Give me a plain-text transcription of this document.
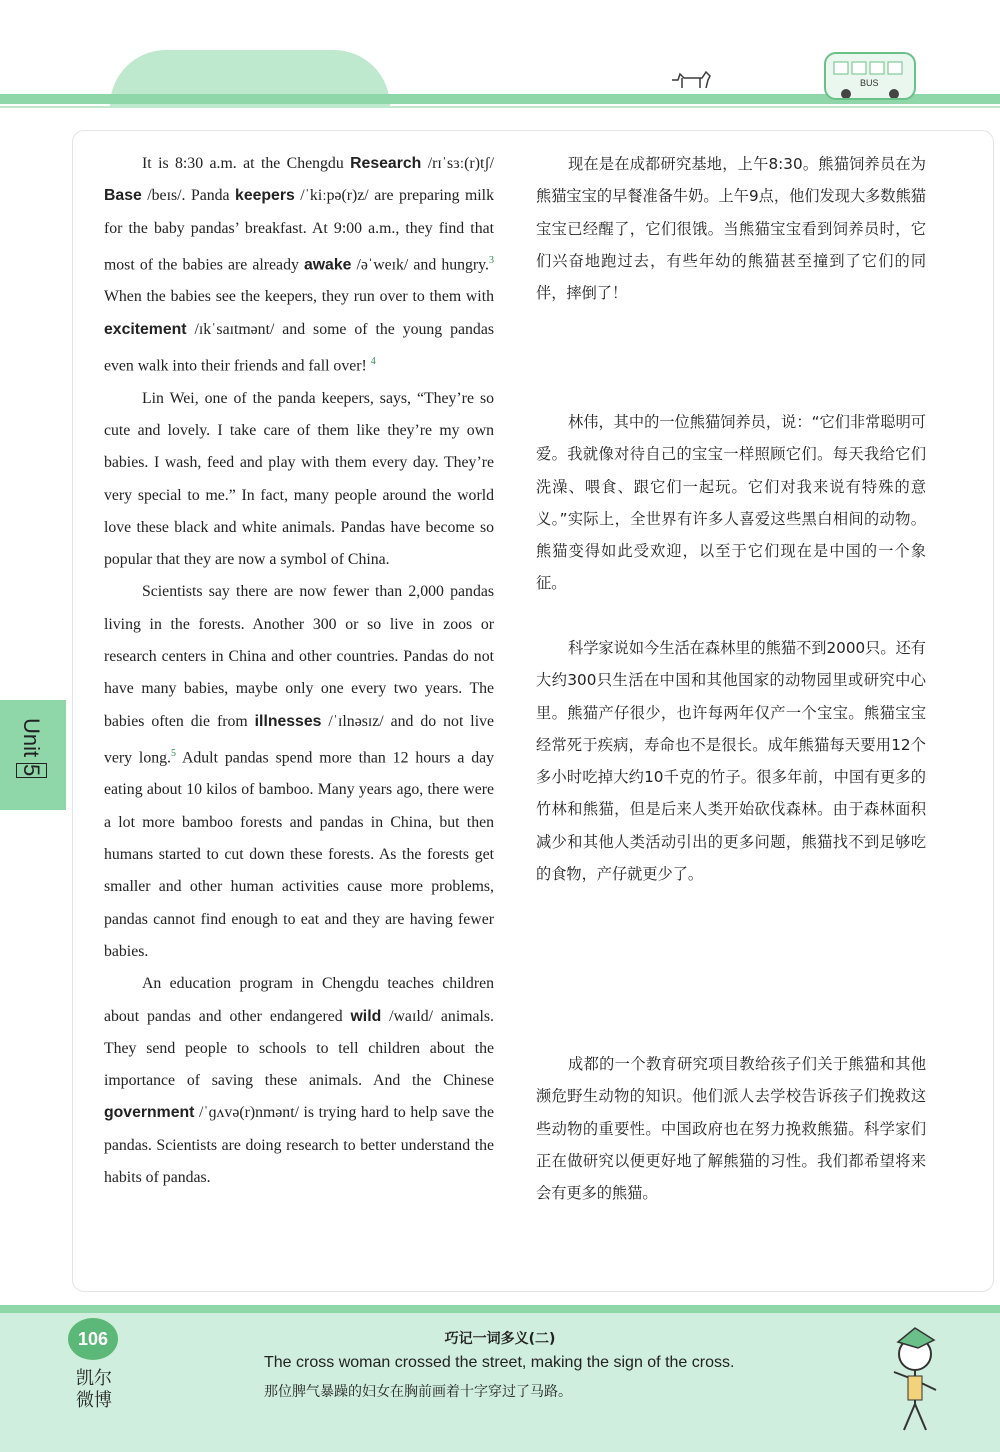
BUS
Unit 5

It is 8:30 a.m. at the Chengdu Research /rɪˈsɜː(r)tʃ/ Base /beɪs/. Panda keepers /ˈkiːpə(r)z/ are preparing milk for the baby pandas’ breakfast. At 9:00 a.m., they find that most of the babies are already awake /əˈweɪk/ and hungry.$^3$ When the babies see the keepers, they run over to them with excitement /ɪkˈsaɪtmənt/ and some of the young pandas even walk into their friends and fall over! $^4$

Lin Wei, one of the panda keepers, says, “They’re so cute and lovely. I take care of them like they’re my own babies. I wash, feed and play with them every day. They’re very special to me.” In fact, many people around the world love these black and white animals. Pandas have become so popular that they are now a symbol of China.

Scientists say there are now fewer than 2,000 pandas living in the forests. Another 300 or so live in zoos or research centers in China and other countries. Pandas do not have many babies, maybe only one every two years. The babies often die from illnesses /ˈɪlnəsɪz/ and do not live very long.$^5$ Adult pandas spend more than 12 hours a day eating about 10 kilos of bamboo. Many years ago, there were a lot more bamboo forests and pandas in China, but then humans started to cut down these forests. As the forests get smaller and other human activities cause more problems, pandas cannot find enough to eat and they are having fewer babies.

An education program in Chengdu teaches children about pandas and other endangered wild /waɪld/ animals. They send people to schools to tell children about the importance of saving these animals. And the Chinese government /ˈɡʌvə(r)nmənt/ is trying hard to help save the pandas. Scientists are doing research to better understand the habits of pandas.

现在是在成都研究基地，上午8:30。熊猫饲养员在为熊猫宝宝的早餐准备牛奶。上午9点，他们发现大多数熊猫宝宝已经醒了，它们很饿。当熊猫宝宝看到饲养员时，它们兴奋地跑过去，有些年幼的熊猫甚至撞到了它们的同伴，摔倒了！

林伟，其中的一位熊猫饲养员，说：“它们非常聪明可爱。我就像对待自己的宝宝一样照顾它们。每天我给它们洗澡、喂食、跟它们一起玩。它们对我来说有特殊的意义。”实际上，全世界有许多人喜爱这些黑白相间的动物。熊猫变得如此受欢迎，以至于它们现在是中国的一个象征。

科学家说如今生活在森林里的熊猫不到2000只。还有大约300只生活在中国和其他国家的动物园里或研究中心里。熊猫产仔很少，也许每两年仅产一个宝宝。熊猫宝宝经常死于疾病，寿命也不是很长。成年熊猫每天要用12个多小时吃掉大约10千克的竹子。很多年前，中国有更多的竹林和熊猫，但是后来人类开始砍伐森林。由于森林面积减少和其他人类活动引出的更多问题，熊猫找不到足够吃的食物，产仔就更少了。

成都的一个教育研究项目教给孩子们关于熊猫和其他濒危野生动物的知识。他们派人去学校告诉孩子们挽救这些动物的重要性。中国政府也在努力挽救熊猫。科学家们正在做研究以便更好地了解熊猫的习性。我们都希望将来会有更多的熊猫。

106
凯尔
微博
巧记一词多义(二)
The cross woman crossed the street, making the sign of the cross.
那位脾气暴躁的妇女在胸前画着十字穿过了马路。
